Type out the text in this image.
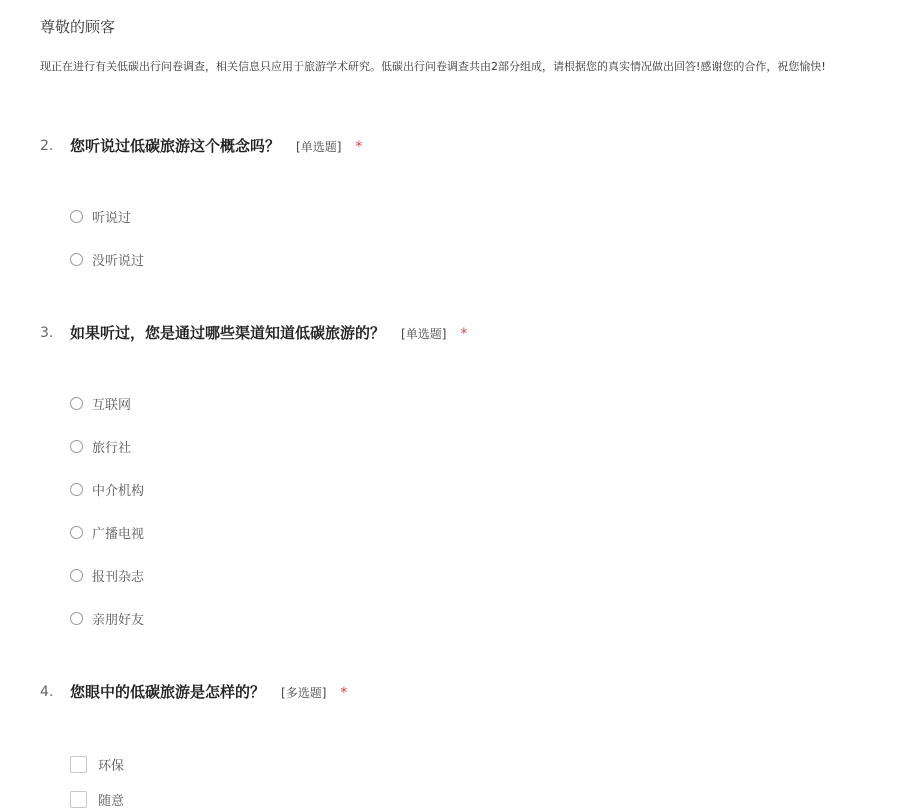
尊敬的顾客
现正在进行有关低碳出行问卷调查，相关信息只应用于旅游学术研究。低碳出行问卷调查共由2部分组成，请根据您的真实情况做出回答!感谢您的合作，祝您愉快!
2. 您听说过低碳旅游这个概念吗？ [单选题] *
听说过
没听说过
3. 如果听过，您是通过哪些渠道知道低碳旅游的？ [单选题] *
互联网
旅行社
中介机构
广播电视
报刊杂志
亲朋好友
4. 您眼中的低碳旅游是怎样的？ [多选题] *
环保
随意
